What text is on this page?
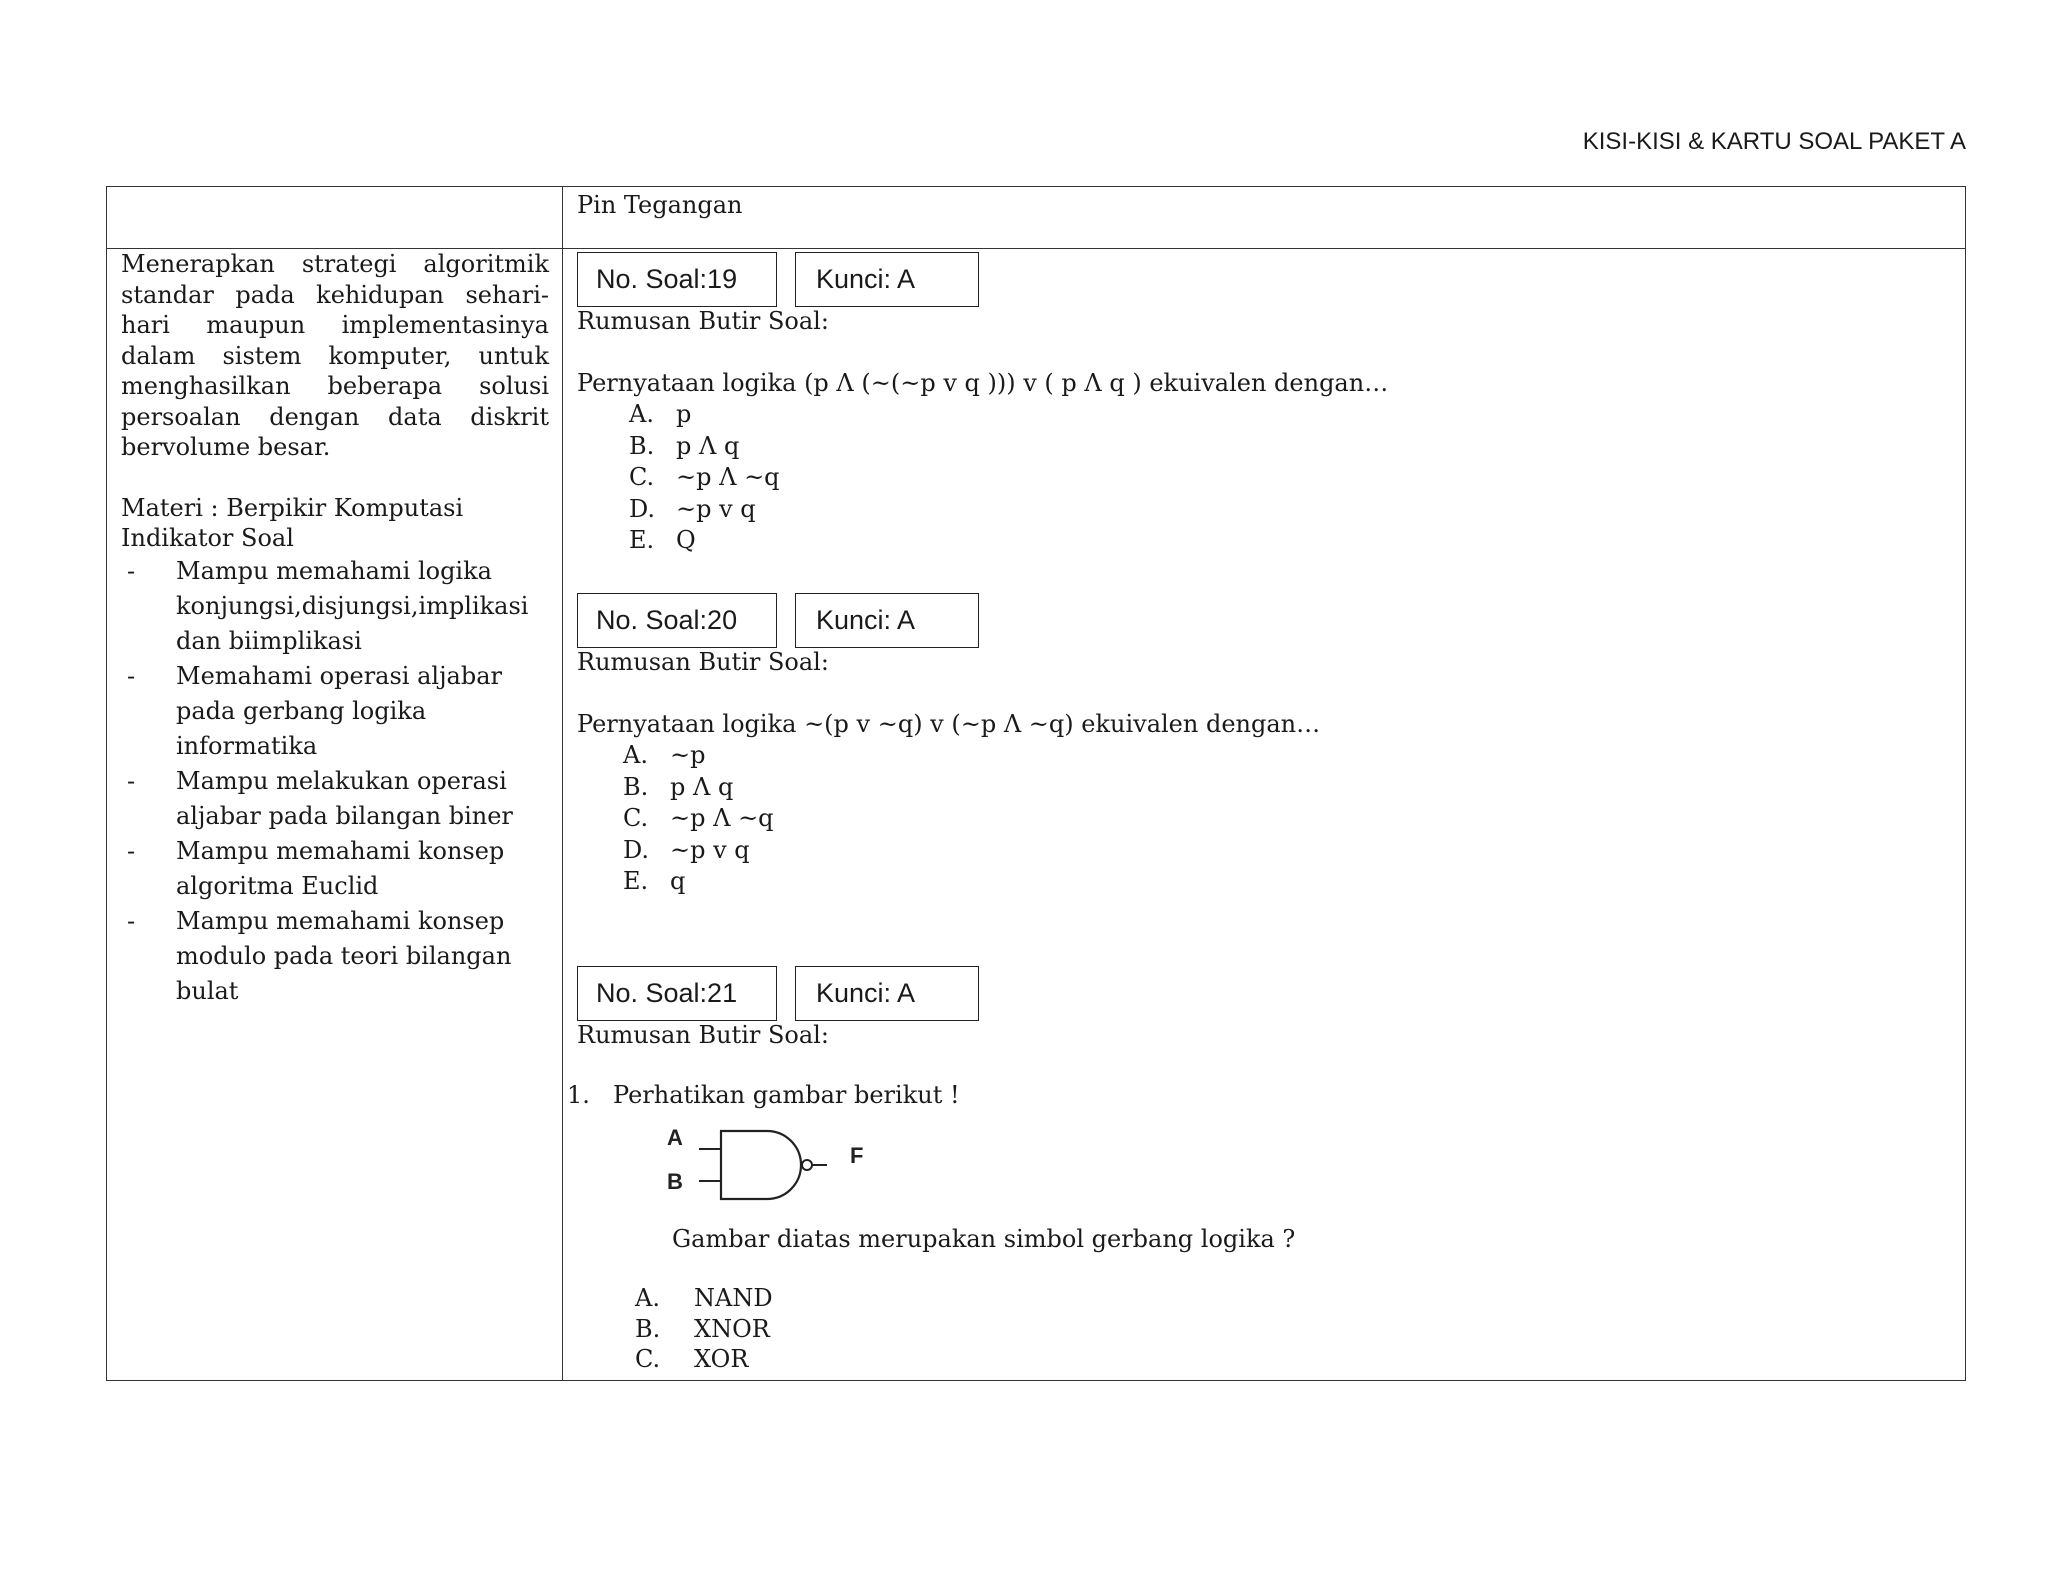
KISI-KISI & KARTU SOAL PAKET A
Pin Tegangan
Menerapkan strategi algoritmik standar pada kehidupan sehari-hari maupun implementasinya dalam sistem komputer, untuk menghasilkan beberapa solusi persoalan dengan data diskrit bervolume besar.
Materi : Berpikir Komputasi
Indikator Soal
- Mampu memahami logika konjungsi,disjungsi,implikasi dan biimplikasi
- Memahami operasi aljabar pada gerbang logika informatika
- Mampu melakukan operasi aljabar pada bilangan biner
- Mampu memahami konsep algoritma Euclid
- Mampu memahami konsep modulo pada teori bilangan bulat
No. Soal:19	Kunci: A
Rumusan Butir Soal:
Pernyataan logika (p Λ (~(~p v q ))) v ( p Λ q ) ekuivalen dengan…
A. p
B. p Λ q
C. ~p Λ ~q
D. ~p v q
E. Q
No. Soal:20	Kunci: A
Rumusan Butir Soal:
Pernyataan logika ~(p v ~q) v (~p Λ ~q) ekuivalen dengan…
A. ~p
B. p Λ q
C. ~p Λ ~q
D. ~p v q
E. q
No. Soal:21	Kunci: A
Rumusan Butir Soal:
1. Perhatikan gambar berikut !
A
B
F
Gambar diatas merupakan simbol gerbang logika ?
A. NAND
B. XNOR
C. XOR
